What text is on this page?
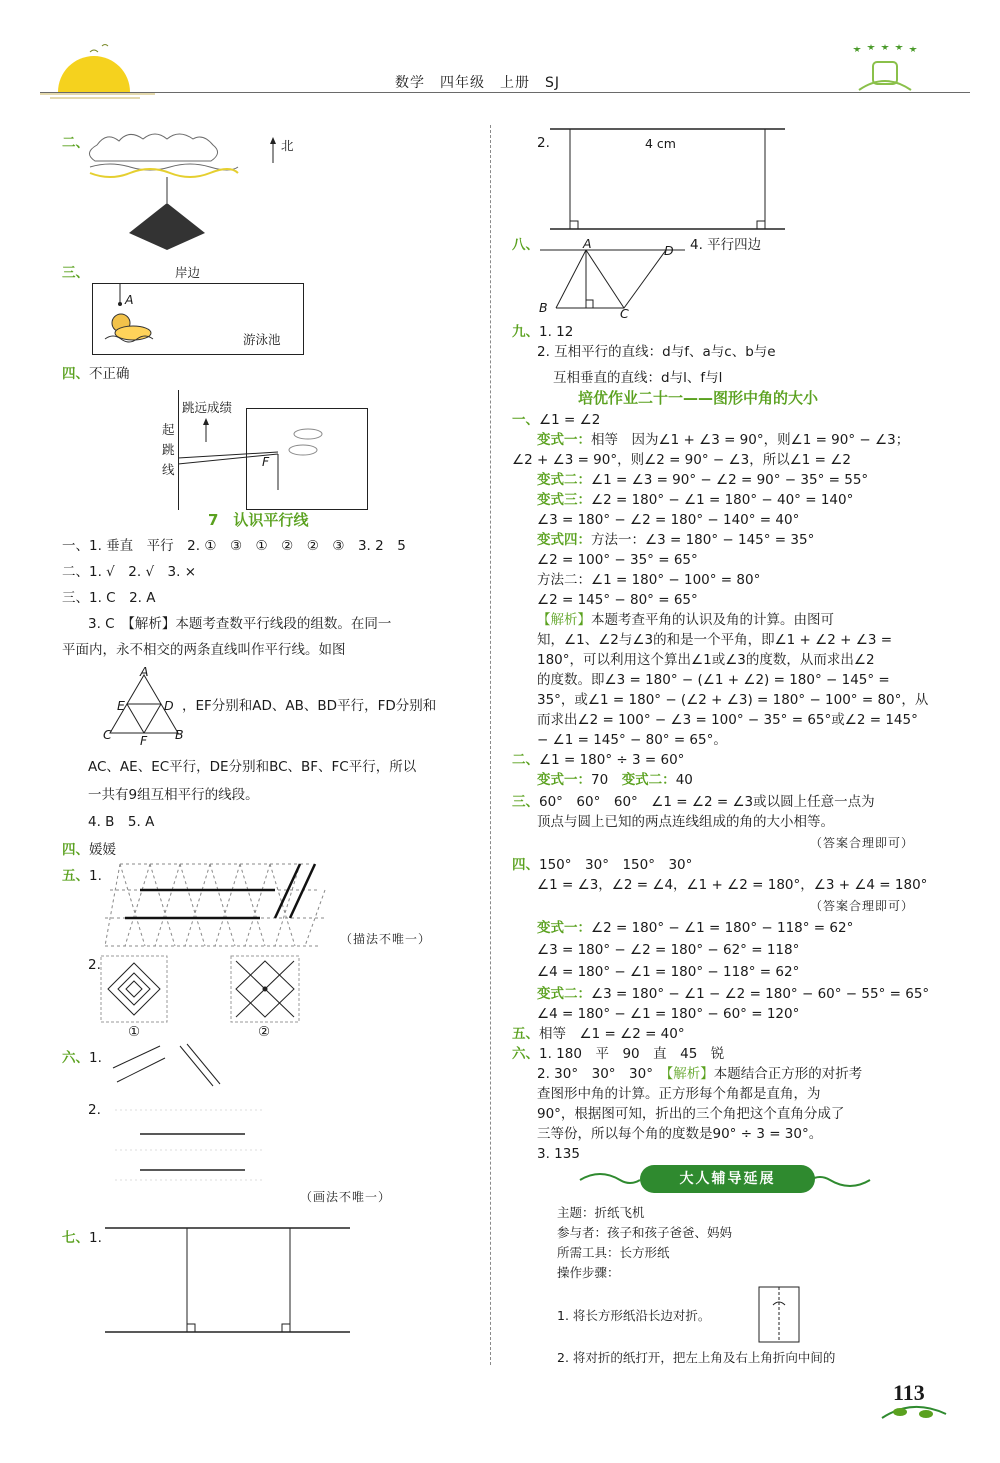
数学　四年级　上册　SJ
二、	北
三、	岸边
A
游泳池
四、不正确
跳远成绩
起
跳
线
F
7　认识平行线
一、1. 垂直　平行　2. ①　③　①　②　②　③　3. 2　5
二、1. √　2. √　3. ×
三、1. C　2. A
3. C　【解析】本题考查数平行线段的组数。在同一
平面内，永不相交的两条直线叫作平行线。如图
A
E	D
C F B
，EF分别和AD、AB、BD平行，FD分别和
AC、AE、EC平行，DE分别和BC、BF、FC平行，所以
一共有9组互相平行的线段。
4. B　5. A
四、媛媛
五、1.
（描法不唯一）
2.
①	②
六、1.
2.
（画法不唯一）
七、1.
2.	4 cm
八、	A	D
B	C
4. 平行四边
九、1. 12
2. 互相平行的直线：d与f、a与c、b与e
互相垂直的直线：d与l、f与l
培优作业二十一——图形中角的大小
一、∠1 = ∠2
变式一：相等　因为∠1 + ∠3 = 90°，则∠1 = 90° − ∠3；
∠2 + ∠3 = 90°，则∠2 = 90° − ∠3，所以∠1 = ∠2
变式二：∠1 = ∠3 = 90° − ∠2 = 90° − 35° = 55°
变式三：∠2 = 180° − ∠1 = 180° − 40° = 140°
∠3 = 180° − ∠2 = 180° − 140° = 40°
变式四：方法一：∠3 = 180° − 145° = 35°
∠2 = 100° − 35° = 65°
方法二：∠1 = 180° − 100° = 80°
∠2 = 145° − 80° = 65°
【解析】本题考查平角的认识及角的计算。由图可
知，∠1、∠2与∠3的和是一个平角，即∠1 + ∠2 + ∠3 =
180°，可以利用这个算出∠1或∠3的度数，从而求出∠2
的度数。即∠3 = 180° − (∠1 + ∠2) = 180° − 145° =
35°，或∠1 = 180° − (∠2 + ∠3) = 180° − 100° = 80°，从
而求出∠2 = 100° − ∠3 = 100° − 35° = 65°或∠2 = 145°
− ∠1 = 145° − 80° = 65°。
二、∠1 = 180° ÷ 3 = 60°
变式一：70　 变式二：40
三、60°　60°　60°　∠1 = ∠2 = ∠3或以圆上任意一点为
顶点与圆上已知的两点连线组成的角的大小相等。
（答案合理即可）
四、150°　30°　150°　30°
∠1 = ∠3，∠2 = ∠4，∠1 + ∠2 = 180°，∠3 + ∠4 = 180°
（答案合理即可）
变式一：∠2 = 180° − ∠1 = 180° − 118° = 62°
∠3 = 180° − ∠2 = 180° − 62° = 118°
∠4 = 180° − ∠1 = 180° − 118° = 62°
变式二：∠3 = 180° − ∠1 − ∠2 = 180° − 60° − 55° = 65°
∠4 = 180° − ∠1 = 180° − 60° = 120°
五、相等　∠1 = ∠2 = 40°
六、1. 180　平　90　直　45　锐
2. 30°　30°　30°　【解析】本题结合正方形的对折考
查图形中角的计算。正方形每个角都是直角，为
90°，根据图可知，折出的三个角把这个直角分成了
三等份，所以每个角的度数是90° ÷ 3 = 30°。
3. 135
大人辅导延展
主题：折纸飞机
参与者：孩子和孩子爸爸、妈妈
所需工具：长方形纸
操作步骤：
1. 将长方形纸沿长边对折。
2. 将对折的纸打开，把左上角及右上角折向中间的
113
